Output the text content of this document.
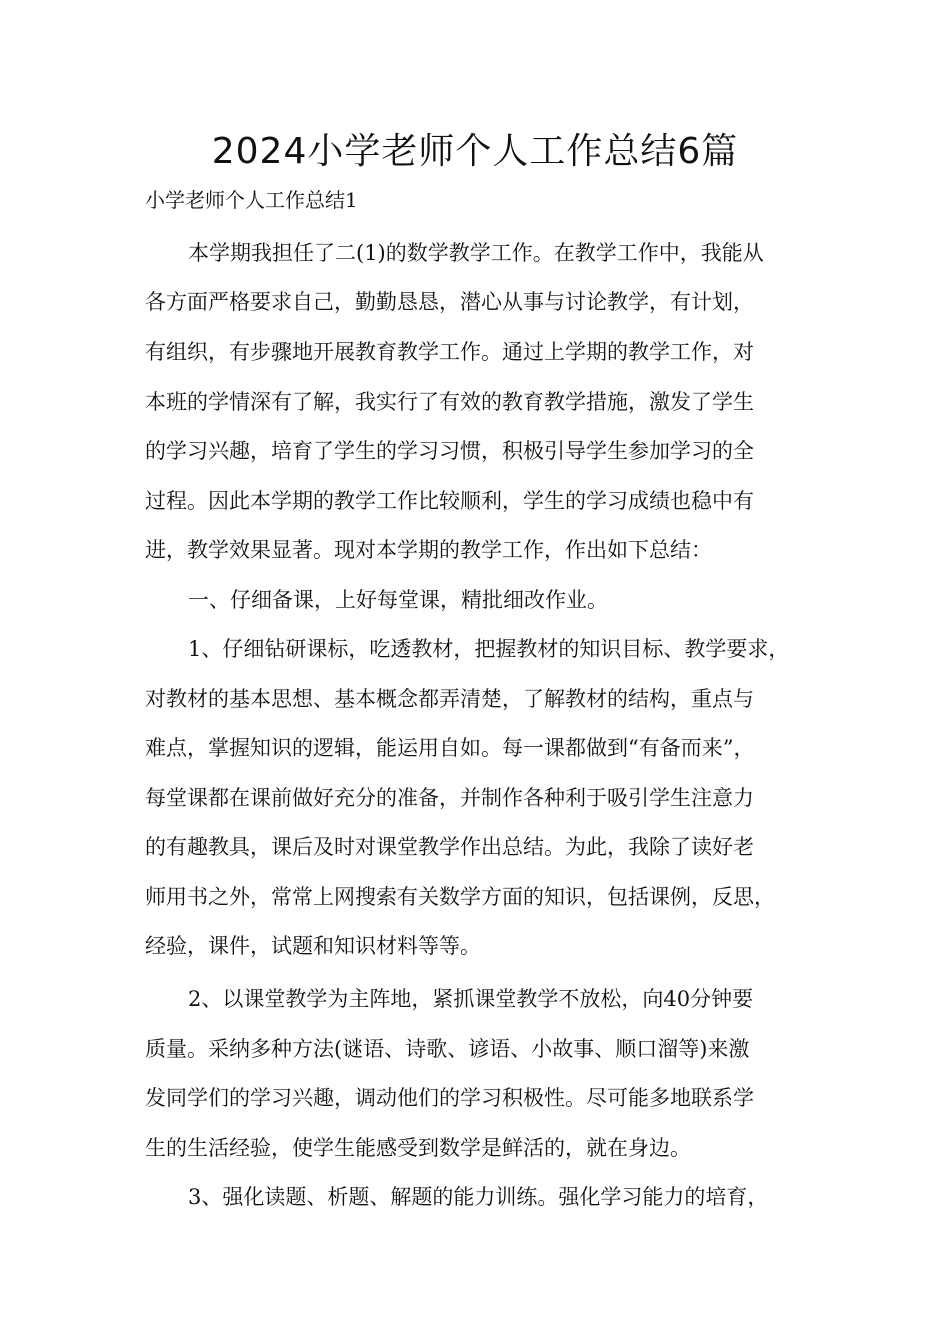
2024小学老师个人工作总结6篇

小学老师个人工作总结1

本学期我担任了二(1)的数学教学工作。在教学工作中，我能从

各方面严格要求自己，勤勤恳恳，潜心从事与讨论教学，有计划，

有组织，有步骤地开展教育教学工作。通过上学期的教学工作，对

本班的学情深有了解，我实行了有效的教育教学措施，激发了学生

的学习兴趣，培育了学生的学习习惯，积极引导学生参加学习的全

过程。因此本学期的教学工作比较顺利，学生的学习成绩也稳中有

进，教学效果显著。现对本学期的教学工作，作出如下总结：

一、仔细备课，上好每堂课，精批细改作业。

1、仔细钻研课标，吃透教材，把握教材的知识目标、教学要求，

对教材的基本思想、基本概念都弄清楚，了解教材的结构，重点与

难点，掌握知识的逻辑，能运用自如。每一课都做到“有备而来”，

每堂课都在课前做好充分的准备，并制作各种利于吸引学生注意力

的有趣教具，课后及时对课堂教学作出总结。为此，我除了读好老

师用书之外，常常上网搜索有关数学方面的知识，包括课例，反思，

经验，课件，试题和知识材料等等。

2、以课堂教学为主阵地，紧抓课堂教学不放松，向40分钟要

质量。采纳多种方法(谜语、诗歌、谚语、小故事、顺口溜等)来激

发同学们的学习兴趣，调动他们的学习积极性。尽可能多地联系学

生的生活经验，使学生能感受到数学是鲜活的，就在身边。

3、强化读题、析题、解题的能力训练。强化学习能力的培育，
